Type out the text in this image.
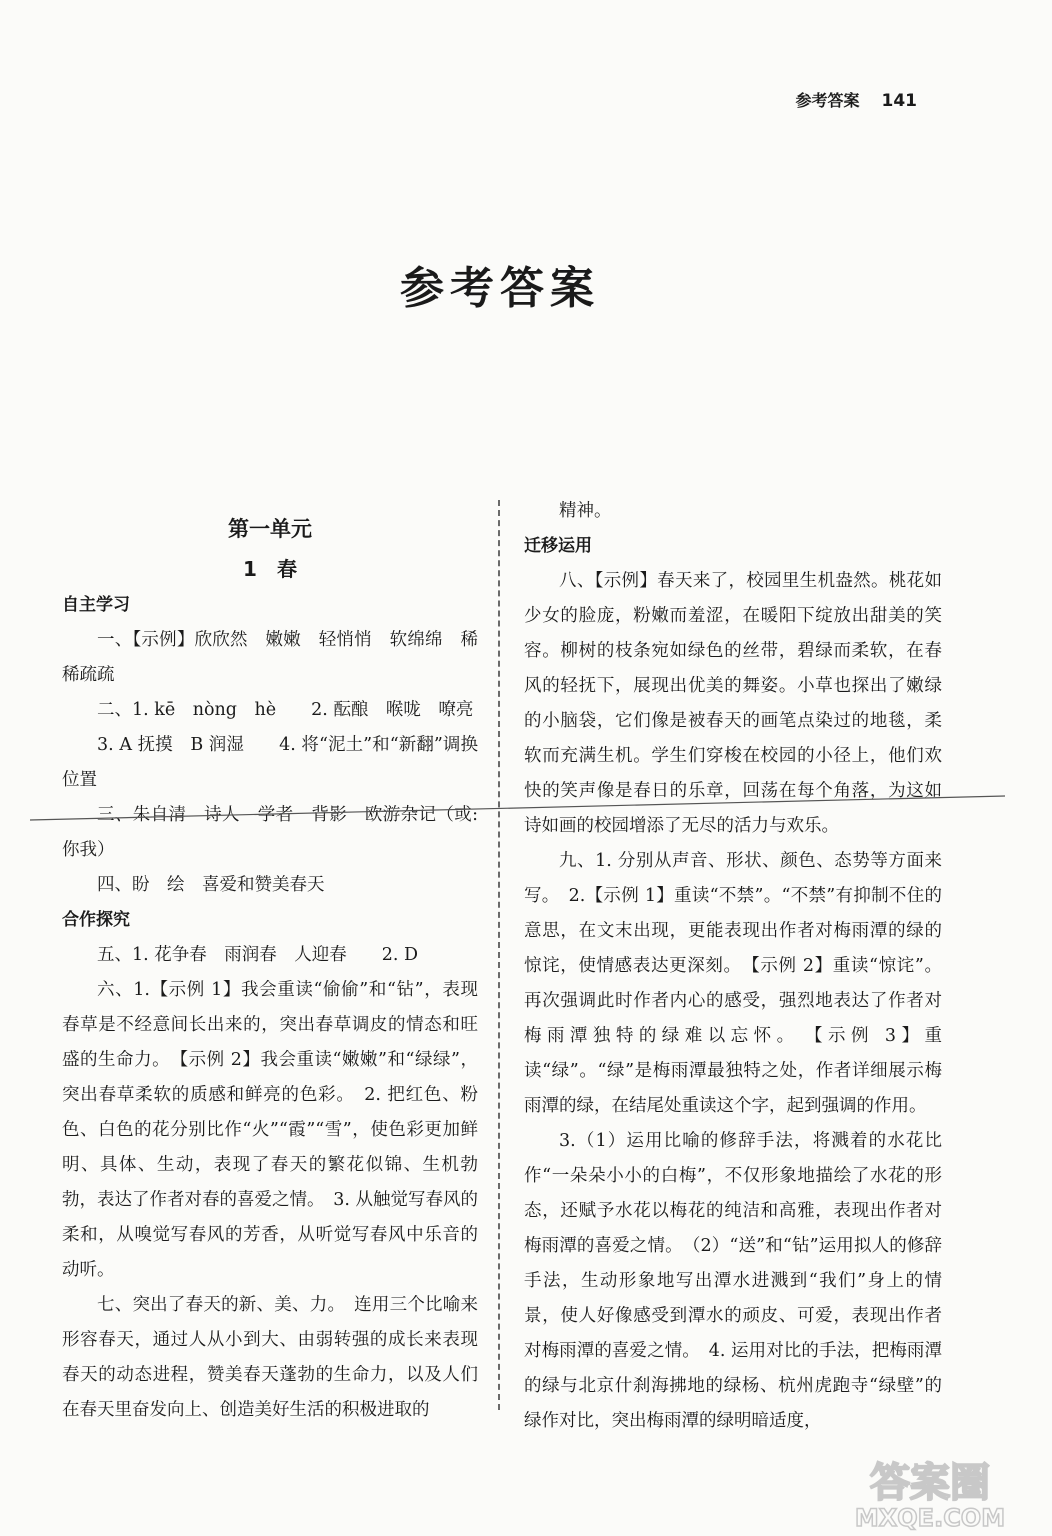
参考答案 141
参考答案
第一单元
1　春

自主学习

一、【示例】欣欣然　嫩嫩　轻悄悄　软绵绵　稀稀疏疏

二、1. kē　nòng　hè　　2. 酝酿　喉咙　嘹亮

3. A 抚摸　B 润湿　　4. 将“泥土”和“新翻”调换位置

三、朱自清　诗人　学者　背影　欧游杂记（或:你我）

四、盼　绘　喜爱和赞美春天

合作探究

五、1. 花争春　雨润春　人迎春　　2. D

六、1.【示例 1】我会重读“偷偷”和“钻”，表现春草是不经意间长出来的，突出春草调皮的情态和旺盛的生命力。　【示例 2】我会重读“嫩嫩”和“绿绿”，突出春草柔软的质感和鲜亮的色彩。　2. 把红色、粉色、白色的花分别比作“火”“霞”“雪”，使色彩更加鲜明、具体、生动，表现了春天的繁花似锦、生机勃勃，表达了作者对春的喜爱之情。　3. 从触觉写春风的柔和，从嗅觉写春风的芳香，从听觉写春风中乐音的动听。

七、突出了春天的新、美、力。　连用三个比喻来形容春天，通过人从小到大、由弱转强的成长来表现春天的动态进程，赞美春天蓬勃的生命力，以及人们在春天里奋发向上、创造美好生活的积极进取的

精神。

迁移运用

八、【示例】春天来了，校园里生机盎然。桃花如少女的脸庞，粉嫩而羞涩，在暖阳下绽放出甜美的笑容。柳树的枝条宛如绿色的丝带，碧绿而柔软，在春风的轻抚下，展现出优美的舞姿。小草也探出了嫩绿的小脑袋，它们像是被春天的画笔点染过的地毯，柔软而充满生机。学生们穿梭在校园的小径上，他们欢快的笑声像是春日的乐章，回荡在每个角落，为这如诗如画的校园增添了无尽的活力与欢乐。

九、1. 分别从声音、形状、颜色、态势等方面来写。　2.【示例 1】重读“不禁”。“不禁”有抑制不住的意思，在文末出现，更能表现出作者对梅雨潭的绿的惊诧，使情感表达更深刻。　【示例 2】重读“惊诧”。再次强调此时作者内心的感受，强烈地表达了作者对梅雨潭独特的绿难以忘怀。　【示例 3】重读“绿”。“绿”是梅雨潭最独特之处，作者详细展示梅雨潭的绿，在结尾处重读这个字，起到强调的作用。

3.（1）运用比喻的修辞手法，将溅着的水花比作“一朵朵小小的白梅”，不仅形象地描绘了水花的形态，还赋予水花以梅花的纯洁和高雅，表现出作者对梅雨潭的喜爱之情。　（2）“送”和“钻”运用拟人的修辞手法，生动形象地写出潭水进溅到“我们”身上的情景，使人好像感受到潭水的顽皮、可爱，表现出作者对梅雨潭的喜爱之情。　4. 运用对比的手法，把梅雨潭的绿与北京什刹海拂地的绿杨、杭州虎跑寺“绿壁”的绿作对比，突出梅雨潭的绿明暗适度，

答案圈
MXQE.COM
